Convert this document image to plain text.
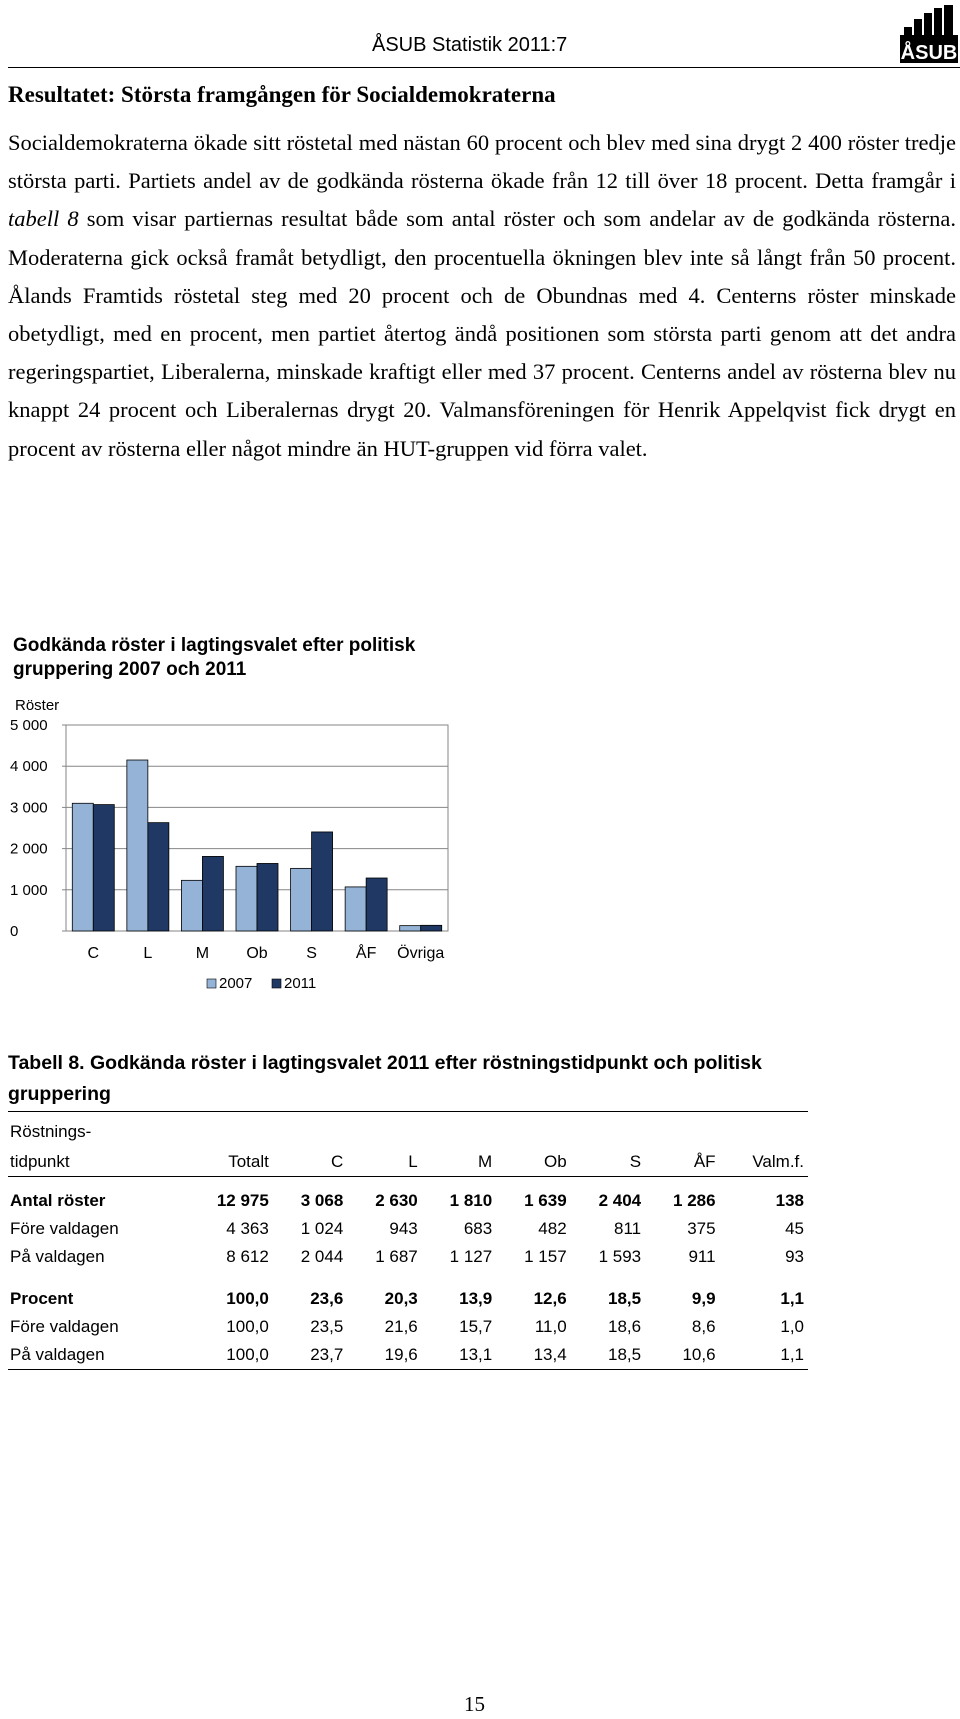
ÅSUB Statistik 2011:7	ÅSUB
Resultatet: Största framgången för Socialdemokraterna

Socialdemokraterna ökade sitt röstetal med nästan 60 procent och blev med sina drygt 2 400 röster tredje största parti. Partiets andel av de godkända rösterna ökade från 12 till över 18 procent. Detta framgår i tabell 8 som visar partiernas resultat både som antal röster och som andelar av de godkända rösterna. Moderaterna gick också framåt betydligt, den procentuella ökningen blev inte så långt från 50 procent. Ålands Framtids röstetal steg med 20 procent och de Obundnas med 4. Centerns röster minskade obetydligt, med en procent, men partiet återtog ändå positionen som största parti genom att det andra regeringspartiet, Liberalerna, minskade kraftigt eller med 37 procent. Centerns andel av rösterna blev nu knappt 24 procent och Liberalernas drygt 20. Valmansföreningen för Henrik Appelqvist fick drygt en procent av rösterna eller något mindre än HUT-gruppen vid förra valet.

Godkända röster i lagtingsvalet efter politisk gruppering 2007 och 2011
Röster
0
1 000
2 000
3 000
4 000
5 000
C	L	M Ob S ÅF Övriga
2007 2011
Tabell 8. Godkända röster i lagtingsvalet 2011 efter röstningstidpunkt och politisk gruppering
Röstnings-								
tidpunkt	Totalt	C	L	M	Ob	S	ÅF	Valm.f.
Antal röster	12 975	3 068	2 630	1 810	1 639	2 404	1 286	138
Före valdagen	4 363	1 024	943	683	482	811	375	45
På valdagen	8 612	2 044	1 687	1 127	1 157	1 593	911	93
Procent	100,0	23,6	20,3	13,9	12,6	18,5	9,9	1,1
Före valdagen	100,0	23,5	21,6	15,7	11,0	18,6	8,6	1,0
På valdagen	100,0	23,7	19,6	13,1	13,4	18,5	10,6	1,1
15
